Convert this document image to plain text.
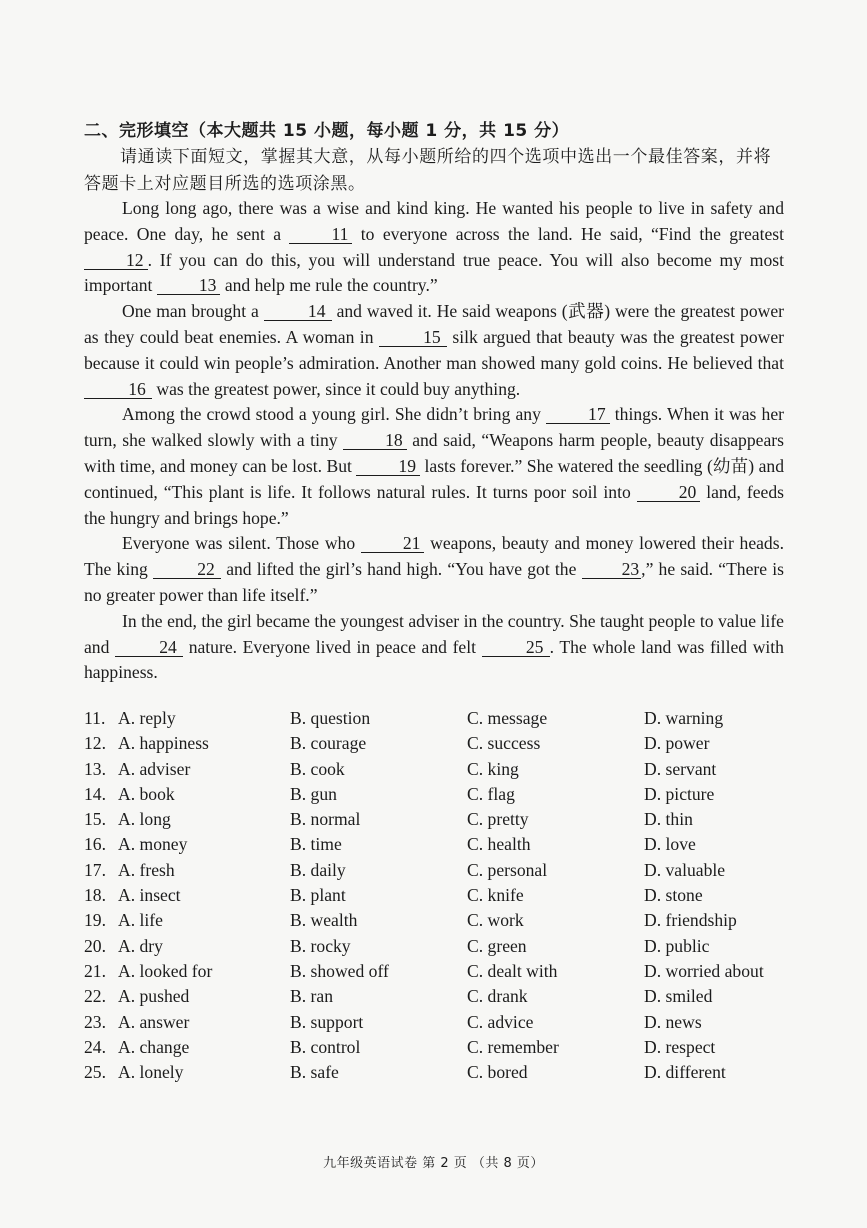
二、完形填空（本大题共 15 小题，每小题 1 分，共 15 分）
请通读下面短文，掌握其大意，从每小题所给的四个选项中选出一个最佳答案，并将答题卡上对应题目所选的选项涂黑。

Long long ago, there was a wise and kind king. He wanted his people to live in safety and peace. One day, he sent a	11 to everyone across the land. He said, “Find the greatest 12 . If you can do this, you will understand true peace. You will also become my most important	13 and help me rule the country.”

One man brought a	14 and waved it. He said weapons (武器) were the greatest power as they could beat enemies. A woman in	15 silk argued that beauty was the greatest power because it could win people’s admiration. Another man showed many gold coins. He believed that 16 was the greatest power, since it could buy anything.

Among the crowd stood a young girl. She didn’t bring any	17 things. When it was her turn, she walked slowly with a tiny	18 and said, “Weapons harm people, beauty disappears with time, and money can be lost. But	19 lasts forever.” She watered the seedling (幼苗) and continued, “This plant is life. It follows natural rules. It turns poor soil into	20 land, feeds the hungry and brings hope.”

Everyone was silent. Those who	21 weapons, beauty and money lowered their heads. The king	22 and lifted the girl’s hand high. “You have got the	23 ,” he said. “There is no greater power than life itself.”

In the end, the girl became the youngest adviser in the country. She taught people to value life and	24 nature. Everyone lived in peace and felt	25 . The whole land was filled with happiness.

11. A. reply	B. question	C. message	D. warning
12. A. happiness	B. courage	C. success	D. power
13. A. adviser	B. cook	C. king	D. servant
14. A. book	B. gun	C. flag	D. picture
15. A. long	B. normal	C. pretty	D. thin
16. A. money	B. time	C. health	D. love
17. A. fresh	B. daily	C. personal	D. valuable
18. A. insect	B. plant	C. knife	D. stone
19. A. life	B. wealth	C. work	D. friendship
20. A. dry	B. rocky	C. green	D. public
21. A. looked for	B. showed off	C. dealt with	D. worried about
22. A. pushed	B. ran	C. drank	D. smiled
23. A. answer	B. support	C. advice	D. news
24. A. change	B. control	C. remember	D. respect
25. A. lonely	B. safe	C. bored	D. different
九年级英语试卷 第 2 页 （共 8 页）
